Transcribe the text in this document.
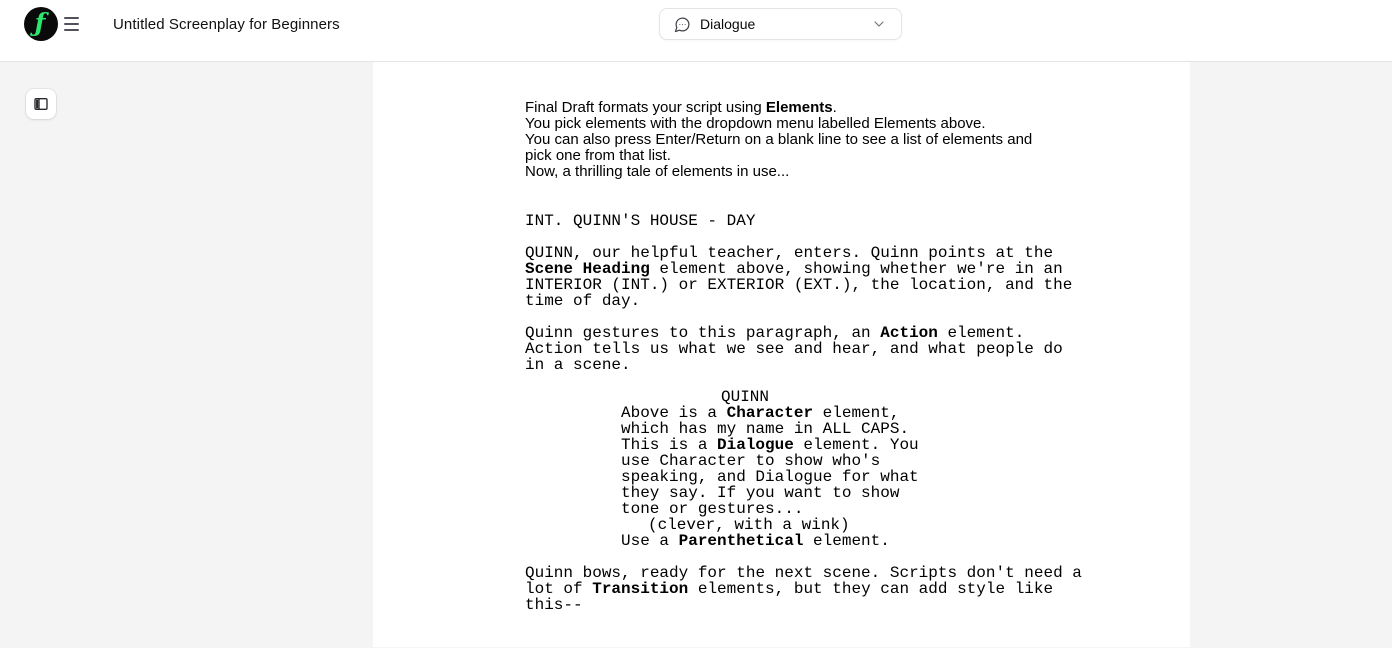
ƒ	Untitled Screenplay for Beginners	Dialogue
Final Draft formats your script using Elements.
You pick elements with the dropdown menu labelled Elements above.
You can also press Enter/Return on a blank line to see a list of elements and
pick one from that list.
Now, a thrilling tale of elements in use...
INT. QUINN'S HOUSE - DAY

QUINN, our helpful teacher, enters. Quinn points at the
Scene Heading element above, showing whether we're in an
INTERIOR (INT.) or EXTERIOR (EXT.), the location, and the
time of day.

Quinn gestures to this paragraph, an Action element.
Action tells us what we see and hear, and what people do
in a scene.

QUINN
Above is a Character element,
which has my name in ALL CAPS.
This is a Dialogue element. You
use Character to show who's
speaking, and Dialogue for what
they say. If you want to show
tone or gestures...
(clever, with a wink)
Use a Parenthetical element.

Quinn bows, ready for the next scene. Scripts don't need a
lot of Transition elements, but they can add style like
this--
